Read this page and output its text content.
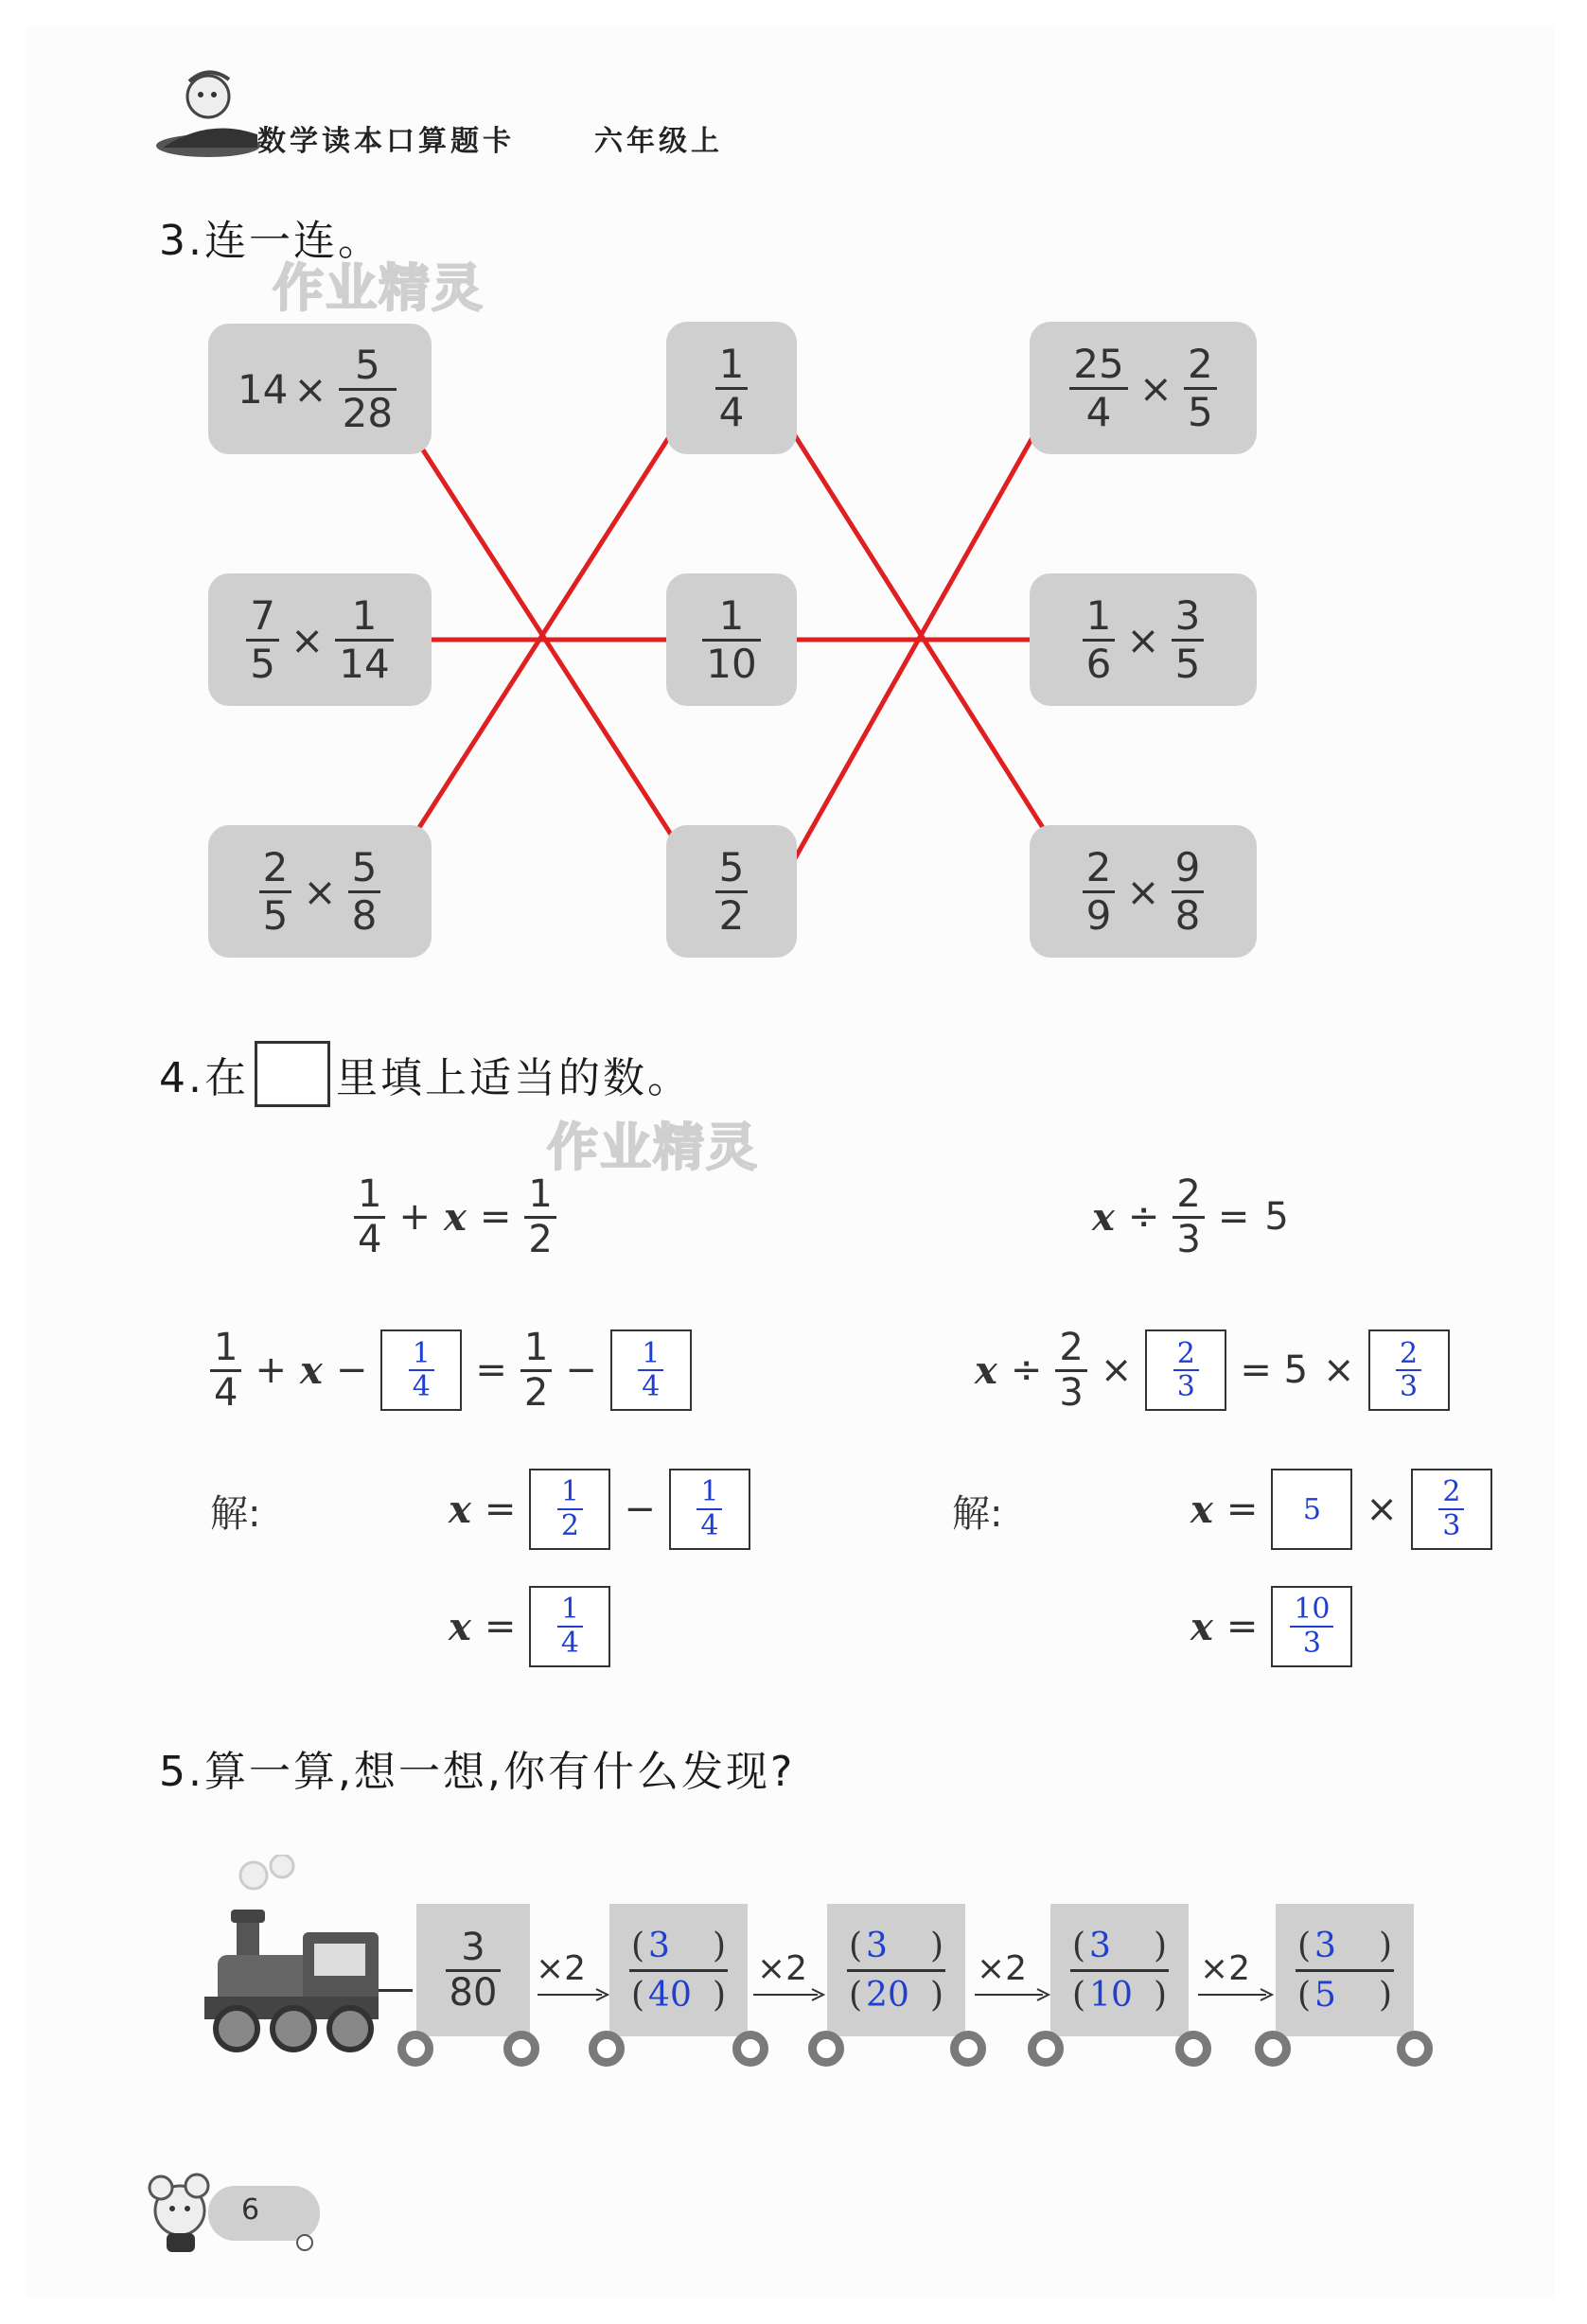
数学读本口算题卡	六年级上
3.连一连。
作业精灵
$14 \times \frac{5}{28}$
$\frac{7}{5} \times \frac{1}{14}$
$\frac{2}{5} \times \frac{5}{8}$
$\frac{1}{4}$
$\frac{1}{10}$
$\frac{5}{2}$
$\frac{25}{4} \times \frac{2}{5}$
$\frac{1}{6} \times \frac{3}{5}$
$\frac{2}{9} \times \frac{9}{8}$
4.在 里填上适当的数。
作业精灵
$\frac{1}{4} + x = \frac{1}{2}$
$\frac{1}{4} + x - \frac{1}{4} = \frac{1}{2} - \frac{1}{4}$
解:	$x = \frac{1}{2} - \frac{1}{4}$
$x = \frac{1}{4}$
$x \div \frac{2}{3} = 5$
$x \div \frac{2}{3} \times \frac{2}{3} = 5 \times \frac{2}{3}$
解:	x =	5	× $\frac{2}{3}$
$x = \frac{10}{3}$
5.算一算,想一想,你有什么发现?
$\frac{3}{80} \times 2$
( 3	)
( 40 )
×2
( 3	)
( 20 )
×2
( 3	)
( 10 )
×2
( 3	)
( 5	)
6
